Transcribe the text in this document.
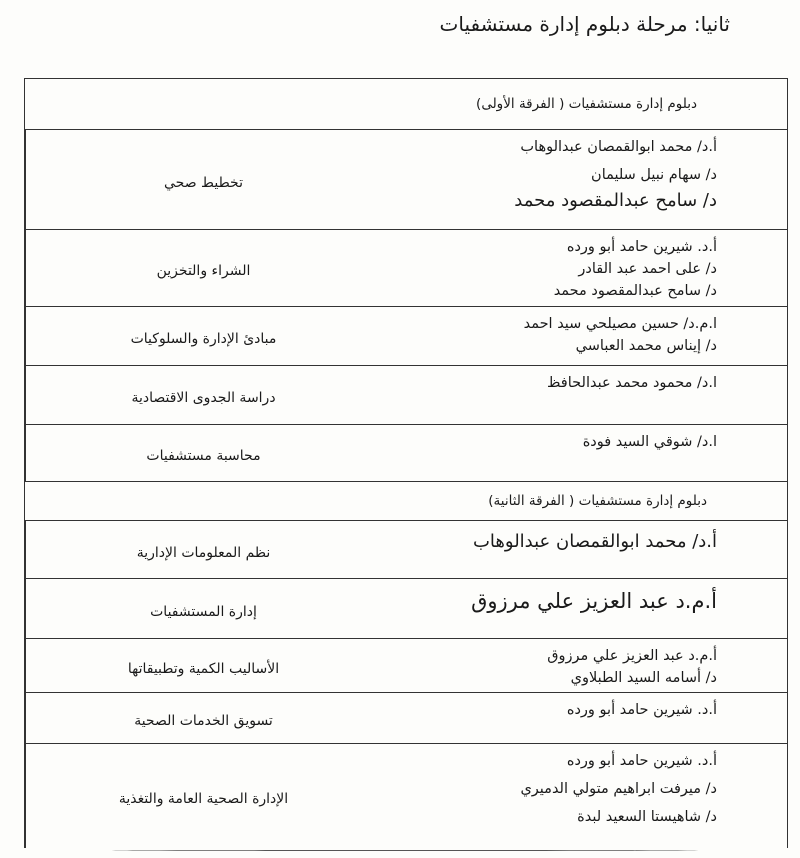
ثانيا: مرحلة دبلوم إدارة مستشفيات
دبلوم إدارة مستشفيات ( الفرقة الأولى)
أ.د/ محمد ابوالقمصان عبدالوهاب
د/ سهام نبيل سليمان
د/ سامح عبدالمقصود محمد
تخطيط صحي
أ.د. شيرين حامد أبو ورده
د/ على احمد عبد القادر
د/ سامح عبدالمقصود محمد
الشراء والتخزين
ا.م.د/ حسين مصيلحي سيد احمد
د/ إيناس محمد العباسي
مبادئ الإدارة والسلوكيات
ا.د/ محمود محمد عبدالحافظ
دراسة الجدوى الاقتصادية
ا.د/ شوقي السيد فودة
محاسبة مستشفيات
دبلوم إدارة مستشفيات ( الفرقة الثانية)
أ.د/ محمد ابوالقمصان عبدالوهاب
نظم المعلومات الإدارية
أ.م.د عبد العزيز علي مرزوق
إدارة المستشفيات
أ.م.د عبد العزيز علي مرزوق
د/ أسامه السيد الطبلاوي
الأساليب الكمية وتطبيقاتها
أ.د. شيرين حامد أبو ورده
تسويق الخدمات الصحية
أ.د. شيرين حامد أبو ورده
د/ ميرفت ابراهيم متولي الدميري
د/ شاهيستا السعيد لبدة
الإدارة الصحية العامة والتغذية
